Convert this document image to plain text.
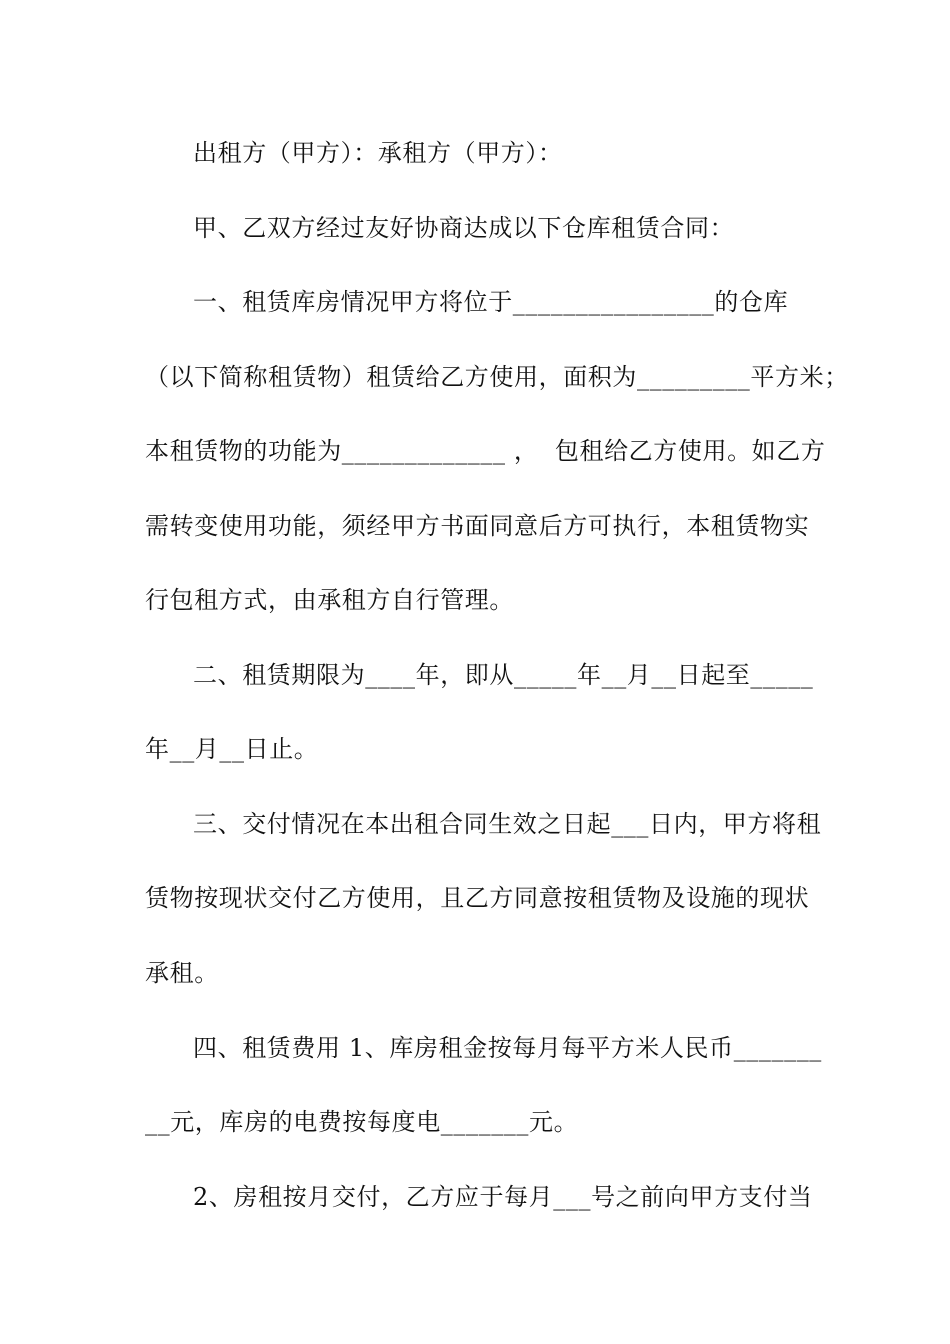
出租方（甲方）：承租方（甲方）：
甲、乙双方经过友好协商达成以下仓库租赁合同：
一、租赁库房情况甲方将位于________________的仓库
（以下简称租赁物）租赁给乙方使用，面积为_________平方米；
本租赁物的功能为_____________ ，  包租给乙方使用。如乙方
需转变使用功能，须经甲方书面同意后方可执行，本租赁物实
行包租方式，由承租方自行管理。
二、租赁期限为____年，即从_____年__月__日起至_____
年__月__日止。
三、交付情况在本出租合同生效之日起___日内，甲方将租
赁物按现状交付乙方使用，且乙方同意按租赁物及设施的现状
承租。
四、租赁费用 1、库房租金按每月每平方米人民币_______
__元，库房的电费按每度电_______元。
2、房租按月交付，乙方应于每月___号之前向甲方支付当
